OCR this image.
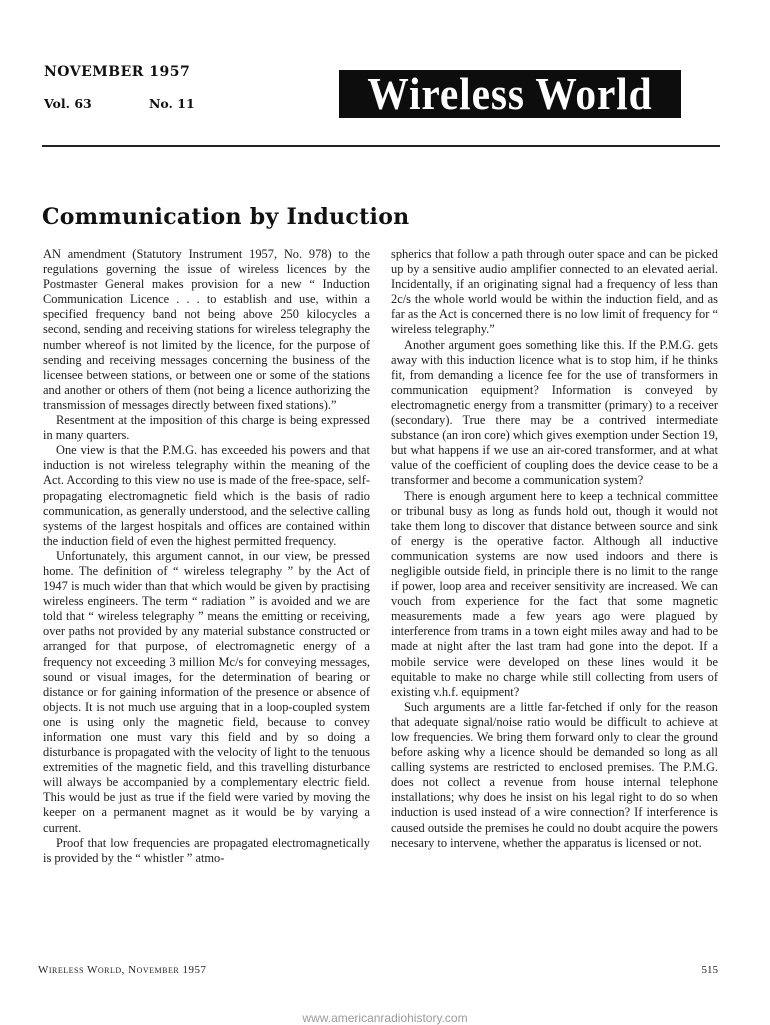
NOVEMBER 1957
Vol. 63	No. 11	Wireless World
Communication by Induction

AN amendment (Statutory Instrument 1957, No. 978) to the regulations governing the issue of wireless licences by the Postmaster General makes provision for a new “ Induction Communication Licence . . . to establish and use, within a specified frequency band not being above 250 kilocycles a second, sending and receiving stations for wireless telegraphy the number whereof is not limited by the licence, for the purpose of sending and receiving messages concerning the business of the licensee between stations, or between one or some of the stations and another or others of them (not being a licence authorizing the transmission of messages directly between fixed stations).”

Resentment at the imposition of this charge is being expressed in many quarters.

One view is that the P.M.G. has exceeded his powers and that induction is not wireless telegraphy within the meaning of the Act. According to this view no use is made of the free-space, self-propagating electromagnetic field which is the basis of radio communication, as generally understood, and the selective calling systems of the largest hospitals and offices are contained within the induction field of even the highest permitted frequency.

Unfortunately, this argument cannot, in our view, be pressed home. The definition of “ wireless telegraphy ” by the Act of 1947 is much wider than that which would be given by practising wireless engineers. The term “ radiation ” is avoided and we are told that “ wireless telegraphy ” means the emitting or receiving, over paths not provided by any material substance constructed or arranged for that purpose, of electromagnetic energy of a frequency not exceeding 3 million Mc/s for conveying messages, sound or visual images, for the determination of bearing or distance or for gaining information of the presence or absence of objects. It is not much use arguing that in a loop-coupled system one is using only the magnetic field, because to convey information one must vary this field and by so doing a disturbance is propagated with the velocity of light to the tenuous extremities of the magnetic field, and this travelling disturbance will always be accompanied by a complementary electric field. This would be just as true if the field were varied by moving the keeper on a permanent magnet as it would be by varying a current.

Proof that low frequencies are propagated electromagnetically is provided by the “ whistler ” atmo-

spherics that follow a path through outer space and can be picked up by a sensitive audio amplifier connected to an elevated aerial. Incidentally, if an originating signal had a frequency of less than 2c/s the whole world would be within the induction field, and as far as the Act is concerned there is no low limit of frequency for “ wireless telegraphy.”

Another argument goes something like this. If the P.M.G. gets away with this induction licence what is to stop him, if he thinks fit, from demanding a licence fee for the use of transformers in communication equipment? Information is conveyed by electromagnetic energy from a transmitter (primary) to a receiver (secondary). True there may be a contrived intermediate substance (an iron core) which gives exemption under Section 19, but what happens if we use an air-cored transformer, and at what value of the coefficient of coupling does the device cease to be a transformer and become a communication system?

There is enough argument here to keep a technical committee or tribunal busy as long as funds hold out, though it would not take them long to discover that distance between source and sink of energy is the operative factor. Although all inductive communication systems are now used indoors and there is negligible outside field, in principle there is no limit to the range if power, loop area and receiver sensitivity are increased. We can vouch from experience for the fact that some magnetic measurements made a few years ago were plagued by interference from trams in a town eight miles away and had to be made at night after the last tram had gone into the depot. If a mobile service were developed on these lines would it be equitable to make no charge while still collecting from users of existing v.h.f. equipment?

Such arguments are a little far-fetched if only for the reason that adequate signal/noise ratio would be difficult to achieve at low frequencies. We bring them forward only to clear the ground before asking why a licence should be demanded so long as all calling systems are restricted to enclosed premises. The P.M.G. does not collect a revenue from house internal telephone installations; why does he insist on his legal right to do so when induction is used instead of a wire connection? If interference is caused outside the premises he could no doubt acquire the powers necesary to intervene, whether the apparatus is licensed or not.

Wireless World, November 1957	515
www.americanradiohistory.com
